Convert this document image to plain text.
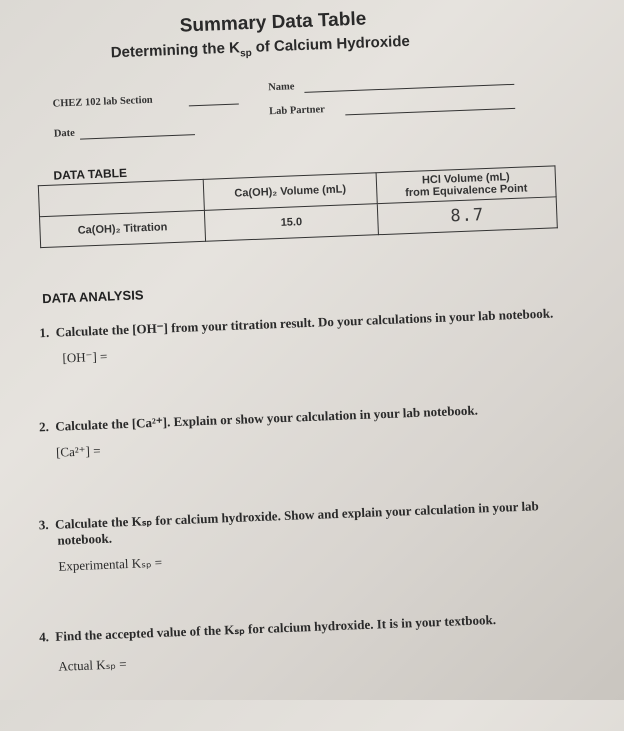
Summary Data Table
Determining the $K_{sp}$ of Calcium Hydroxide
CHEZ 102 lab Section
Name
Lab Partner
Date
DATA TABLE
	Ca(OH)₂ Volume (mL)	HCl Volume (mL)
from Equivalence Point

Ca(OH)₂ Titration	15.0	8.7
DATA ANALYSIS
1. Calculate the [OH⁻] from your titration result. Do your calculations in your lab notebook.
[OH⁻] =
2. Calculate the [Ca²⁺]. Explain or show your calculation in your lab notebook.
[Ca²⁺] =
3. Calculate the Kₛₚ for calcium hydroxide. Show and explain your calculation in your lab
notebook.
Experimental Kₛₚ =
4. Find the accepted value of the Kₛₚ for calcium hydroxide. It is in your textbook.
Actual Kₛₚ =
